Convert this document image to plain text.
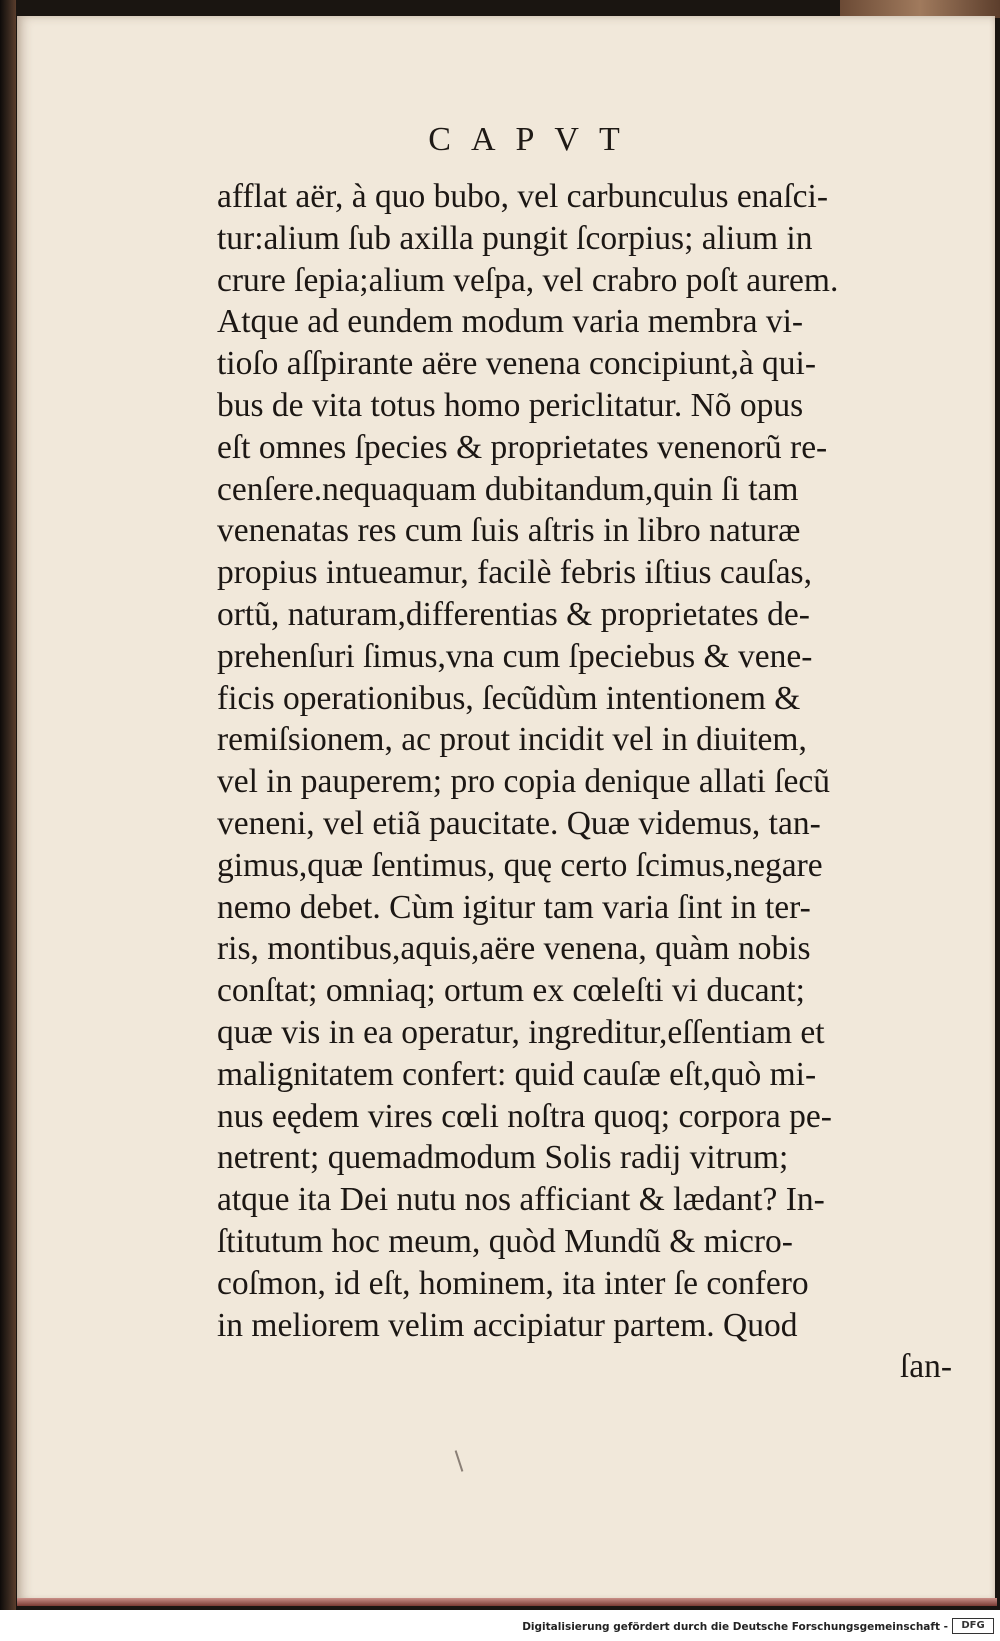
CAPVT
afflat aër, à quo bubo, vel carbunculus enaſci-
tur:alium ſub axilla pungit ſcorpius; alium in
crure ſepia;alium veſpa, vel crabro poſt aurem.
Atque ad eundem modum varia membra vi-
tioſo aſſpirante aëre venena concipiunt,à qui-
bus de vita totus homo periclitatur. Nõ opus
eſt omnes ſpecies & proprietates venenorũ re-
cenſere.nequaquam dubitandum,quin ſi tam
venenatas res cum ſuis aſtris in libro naturæ
propius intueamur, facilè febris iſtius cauſas,
ortũ, naturam,differentias & proprietates de-
prehenſuri ſimus,vna cum ſpeciebus & vene-
ficis operationibus, ſecũdùm intentionem &
remiſsionem, ac prout incidit vel in diuitem,
vel in pauperem; pro copia denique allati ſecũ
veneni, vel etiã paucitate. Quæ videmus, tan-
gimus,quæ ſentimus, quę certo ſcimus,negare
nemo debet. Cùm igitur tam varia ſint in ter-
ris, montibus,aquis,aëre venena, quàm nobis
conſtat; omniaq; ortum ex cœleſti vi ducant;
quæ vis in ea operatur, ingreditur,eſſentiam et
malignitatem confert: quid cauſæ eſt,quò mi-
nus eędem vires cœli noſtra quoq; corpora pe-
netrent; quemadmodum Solis radij vitrum;
atque ita Dei nutu nos afficiant & lædant? In-
ſtitutum hoc meum, quòd Mundũ & micro-
coſmon, id eſt, hominem, ita inter ſe confero
in meliorem velim accipiatur partem. Quod
ſan-
Digitalisierung gefördert durch die Deutsche Forschungsgemeinschaft -	DFG
